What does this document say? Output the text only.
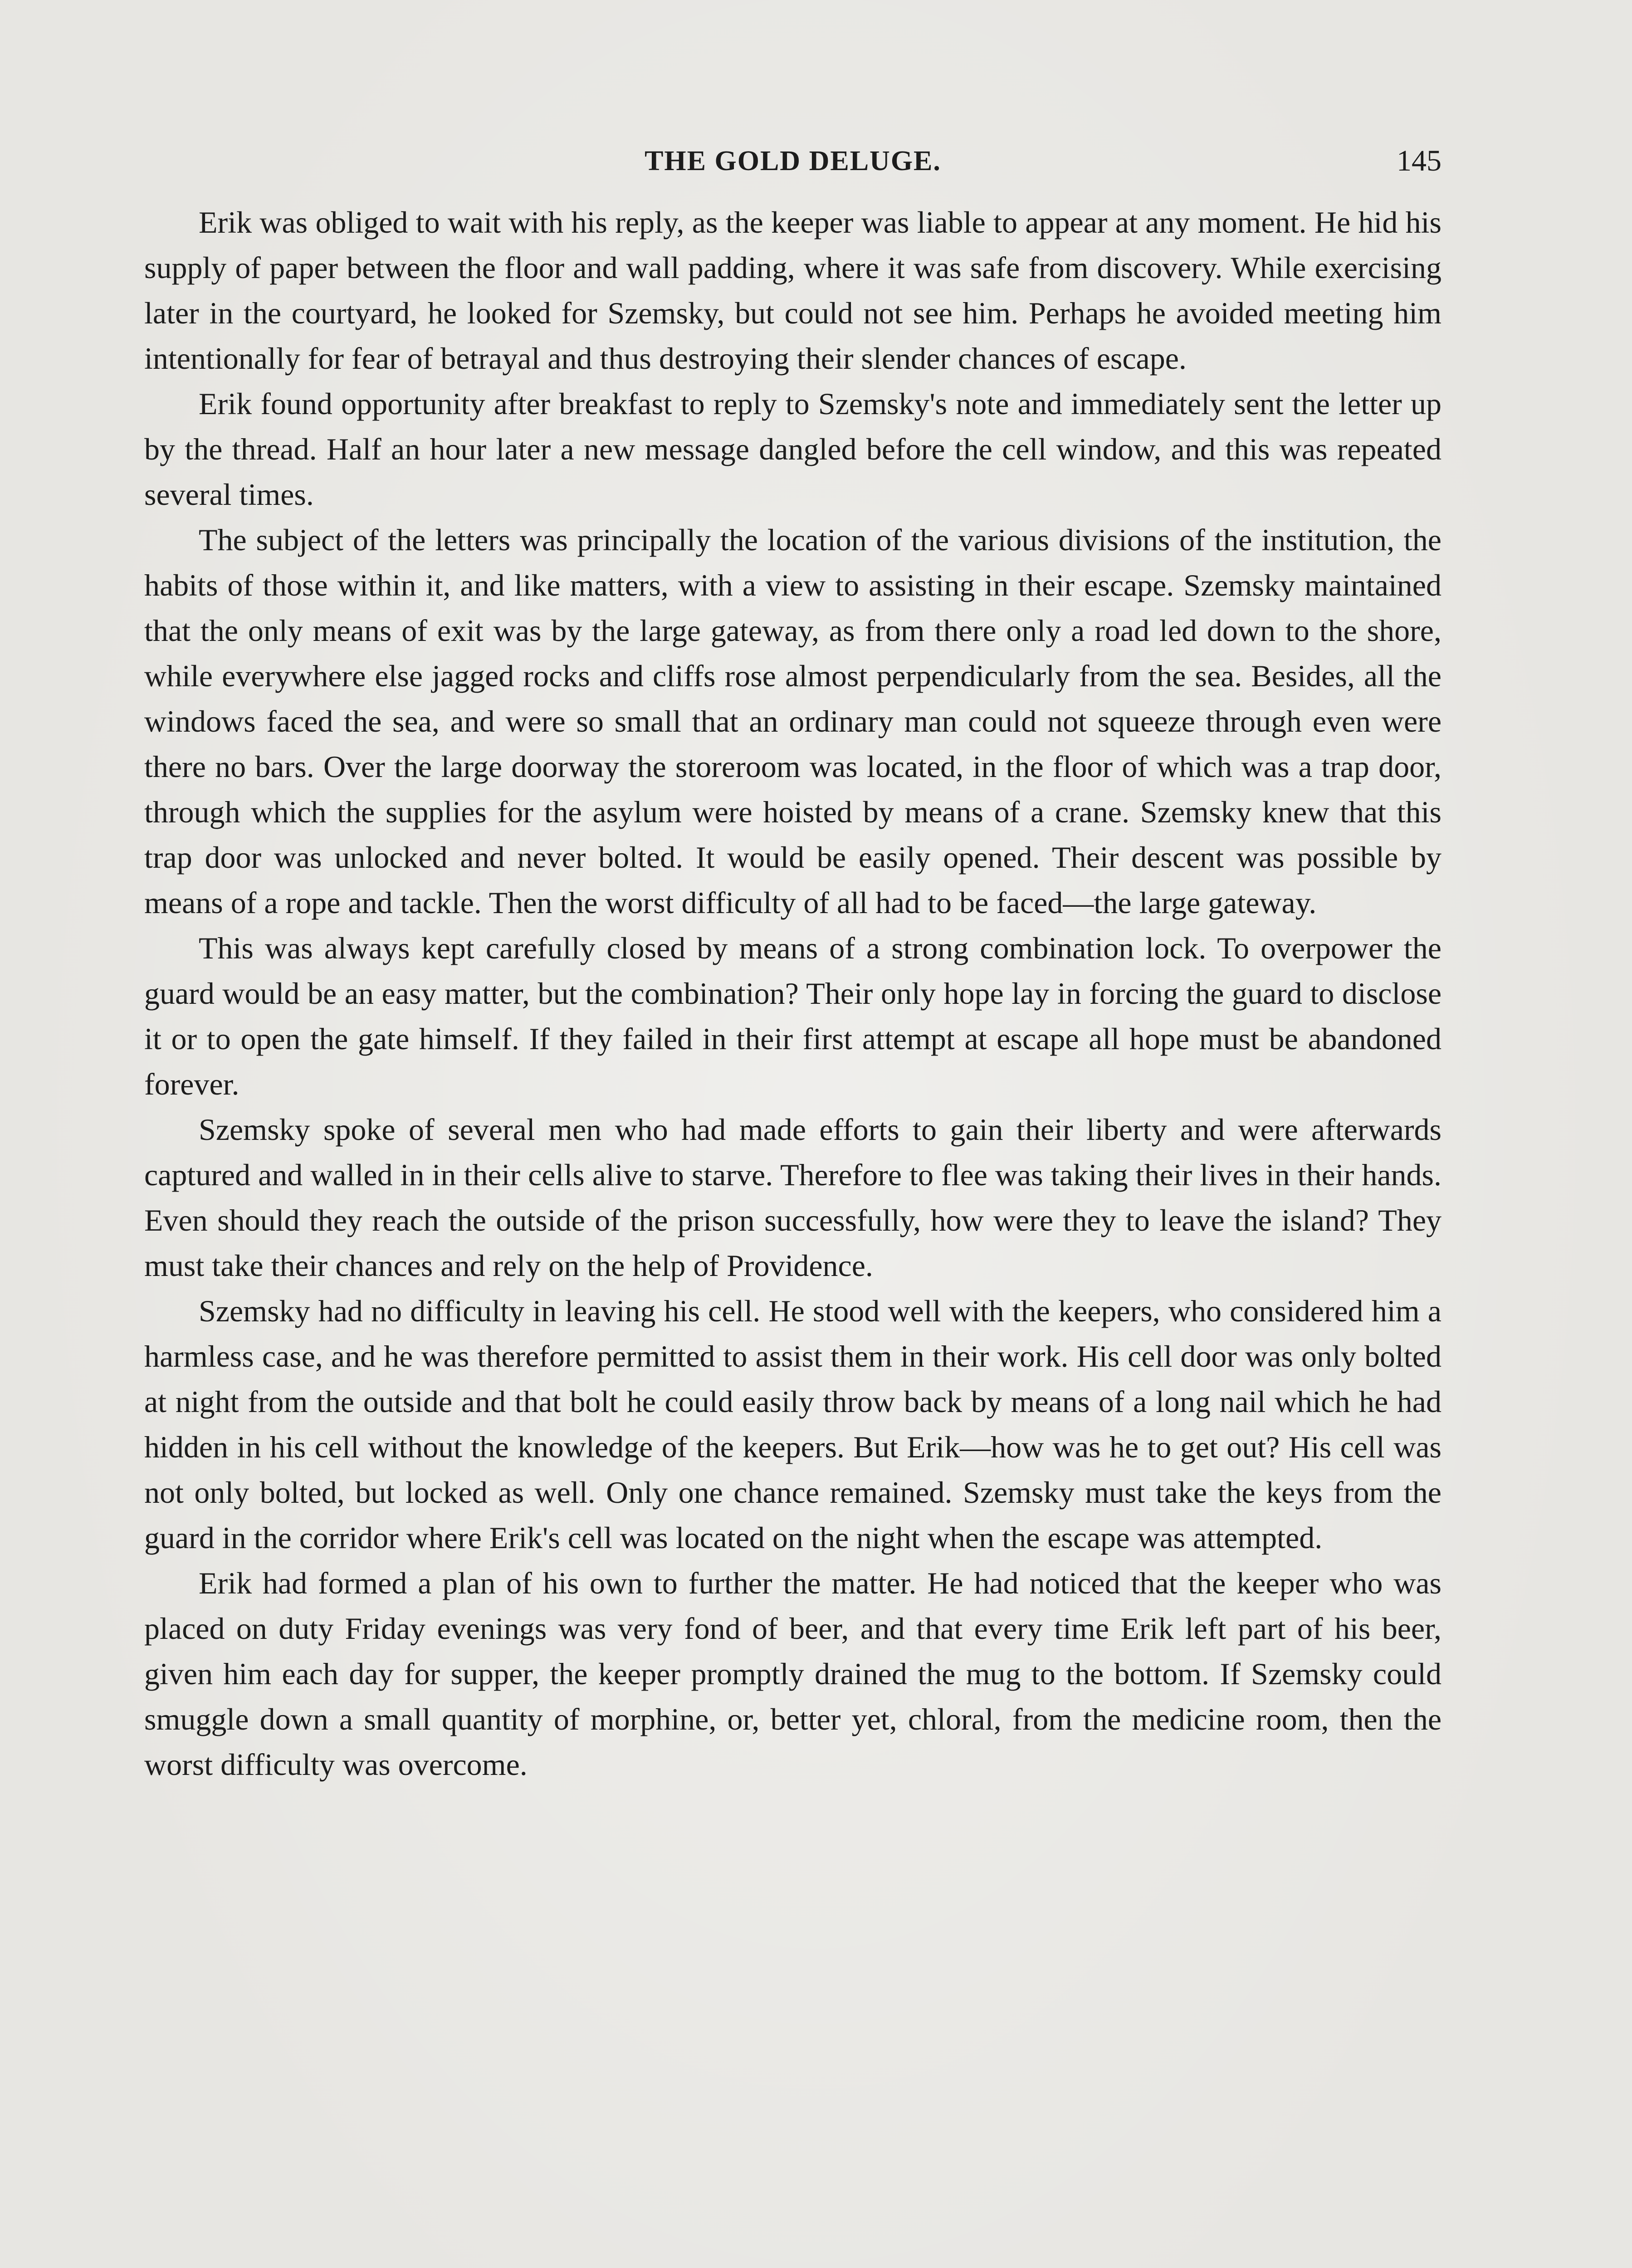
THE GOLD DELUGE.	145

Erik was obliged to wait with his reply, as the keeper was liable to appear at any moment. He hid his supply of paper between the floor and wall padding, where it was safe from discovery. While exercising later in the courtyard, he looked for Szemsky, but could not see him. Perhaps he avoided meeting him intentionally for fear of betrayal and thus destroying their slender chances of escape.

Erik found opportunity after breakfast to reply to Szemsky's note and immediately sent the letter up by the thread. Half an hour later a new message dangled before the cell window, and this was repeated several times.

The subject of the letters was principally the location of the various divisions of the institution, the habits of those within it, and like matters, with a view to assisting in their escape. Szemsky maintained that the only means of exit was by the large gateway, as from there only a road led down to the shore, while everywhere else jagged rocks and cliffs rose almost perpendicularly from the sea. Besides, all the windows faced the sea, and were so small that an ordinary man could not squeeze through even were there no bars. Over the large doorway the storeroom was located, in the floor of which was a trap door, through which the supplies for the asylum were hoisted by means of a crane. Szemsky knew that this trap door was unlocked and never bolted. It would be easily opened. Their descent was possible by means of a rope and tackle. Then the worst difficulty of all had to be faced—the large gateway.

This was always kept carefully closed by means of a strong combination lock. To overpower the guard would be an easy matter, but the combination? Their only hope lay in forcing the guard to disclose it or to open the gate himself. If they failed in their first attempt at escape all hope must be abandoned forever.

Szemsky spoke of several men who had made efforts to gain their liberty and were afterwards captured and walled in in their cells alive to starve. Therefore to flee was taking their lives in their hands. Even should they reach the outside of the prison successfully, how were they to leave the island? They must take their chances and rely on the help of Providence.

Szemsky had no difficulty in leaving his cell. He stood well with the keepers, who considered him a harmless case, and he was therefore permitted to assist them in their work. His cell door was only bolted at night from the outside and that bolt he could easily throw back by means of a long nail which he had hidden in his cell without the knowledge of the keepers. But Erik—how was he to get out? His cell was not only bolted, but locked as well. Only one chance remained. Szemsky must take the keys from the guard in the corridor where Erik's cell was located on the night when the escape was attempted.

Erik had formed a plan of his own to further the matter. He had noticed that the keeper who was placed on duty Friday evenings was very fond of beer, and that every time Erik left part of his beer, given him each day for supper, the keeper promptly drained the mug to the bottom. If Szemsky could smuggle down a small quantity of morphine, or, better yet, chloral, from the medicine room, then the worst difficulty was overcome.
